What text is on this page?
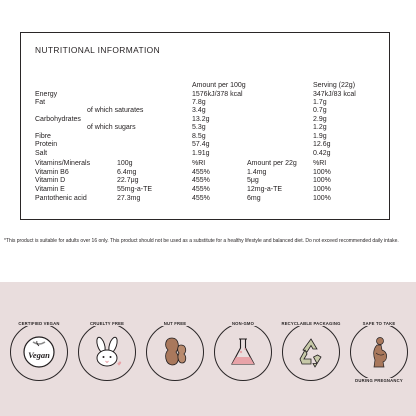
NUTRITIONAL INFORMATION
Amount per 100g	Serving (22g)
Energy	1576kJ/378 kcal	347kJ/83 kcal
Fat	7.8g	1.7g
of which saturates	3.4g	0.7g
Carbohydrates	13.2g	2.9g
of which sugars	5.3g	1.2g
Fibre	8.5g	1.9g
Protein	57.4g	12.6g
Salt	1.91g	0.42g
Vitamins/Minerals	100g	%RI	Amount per 22g %RI
Vitamin B6	6.4mg	455%	1.4mg	100%
Vitamin D	22.7μg	455%	5μg	100%
Vitamin E	55mg-a-TE	455%	12mg-a-TE	100%
Pantothenic acid	27.3mg	455%	6mg	100%
*This product is suitable for adults over 16 only. This product should not be used as a substitute for a healthy lifestyle and balanced diet. Do not exceed recommended daily intake.
CERTIFIED VEGAN
Vegan
CRUELTY FREE	NUT FREE	NON-GMO	RECYCLABLE PACKAGING	SAFE TO TAKE
DURING PREGNANCY
